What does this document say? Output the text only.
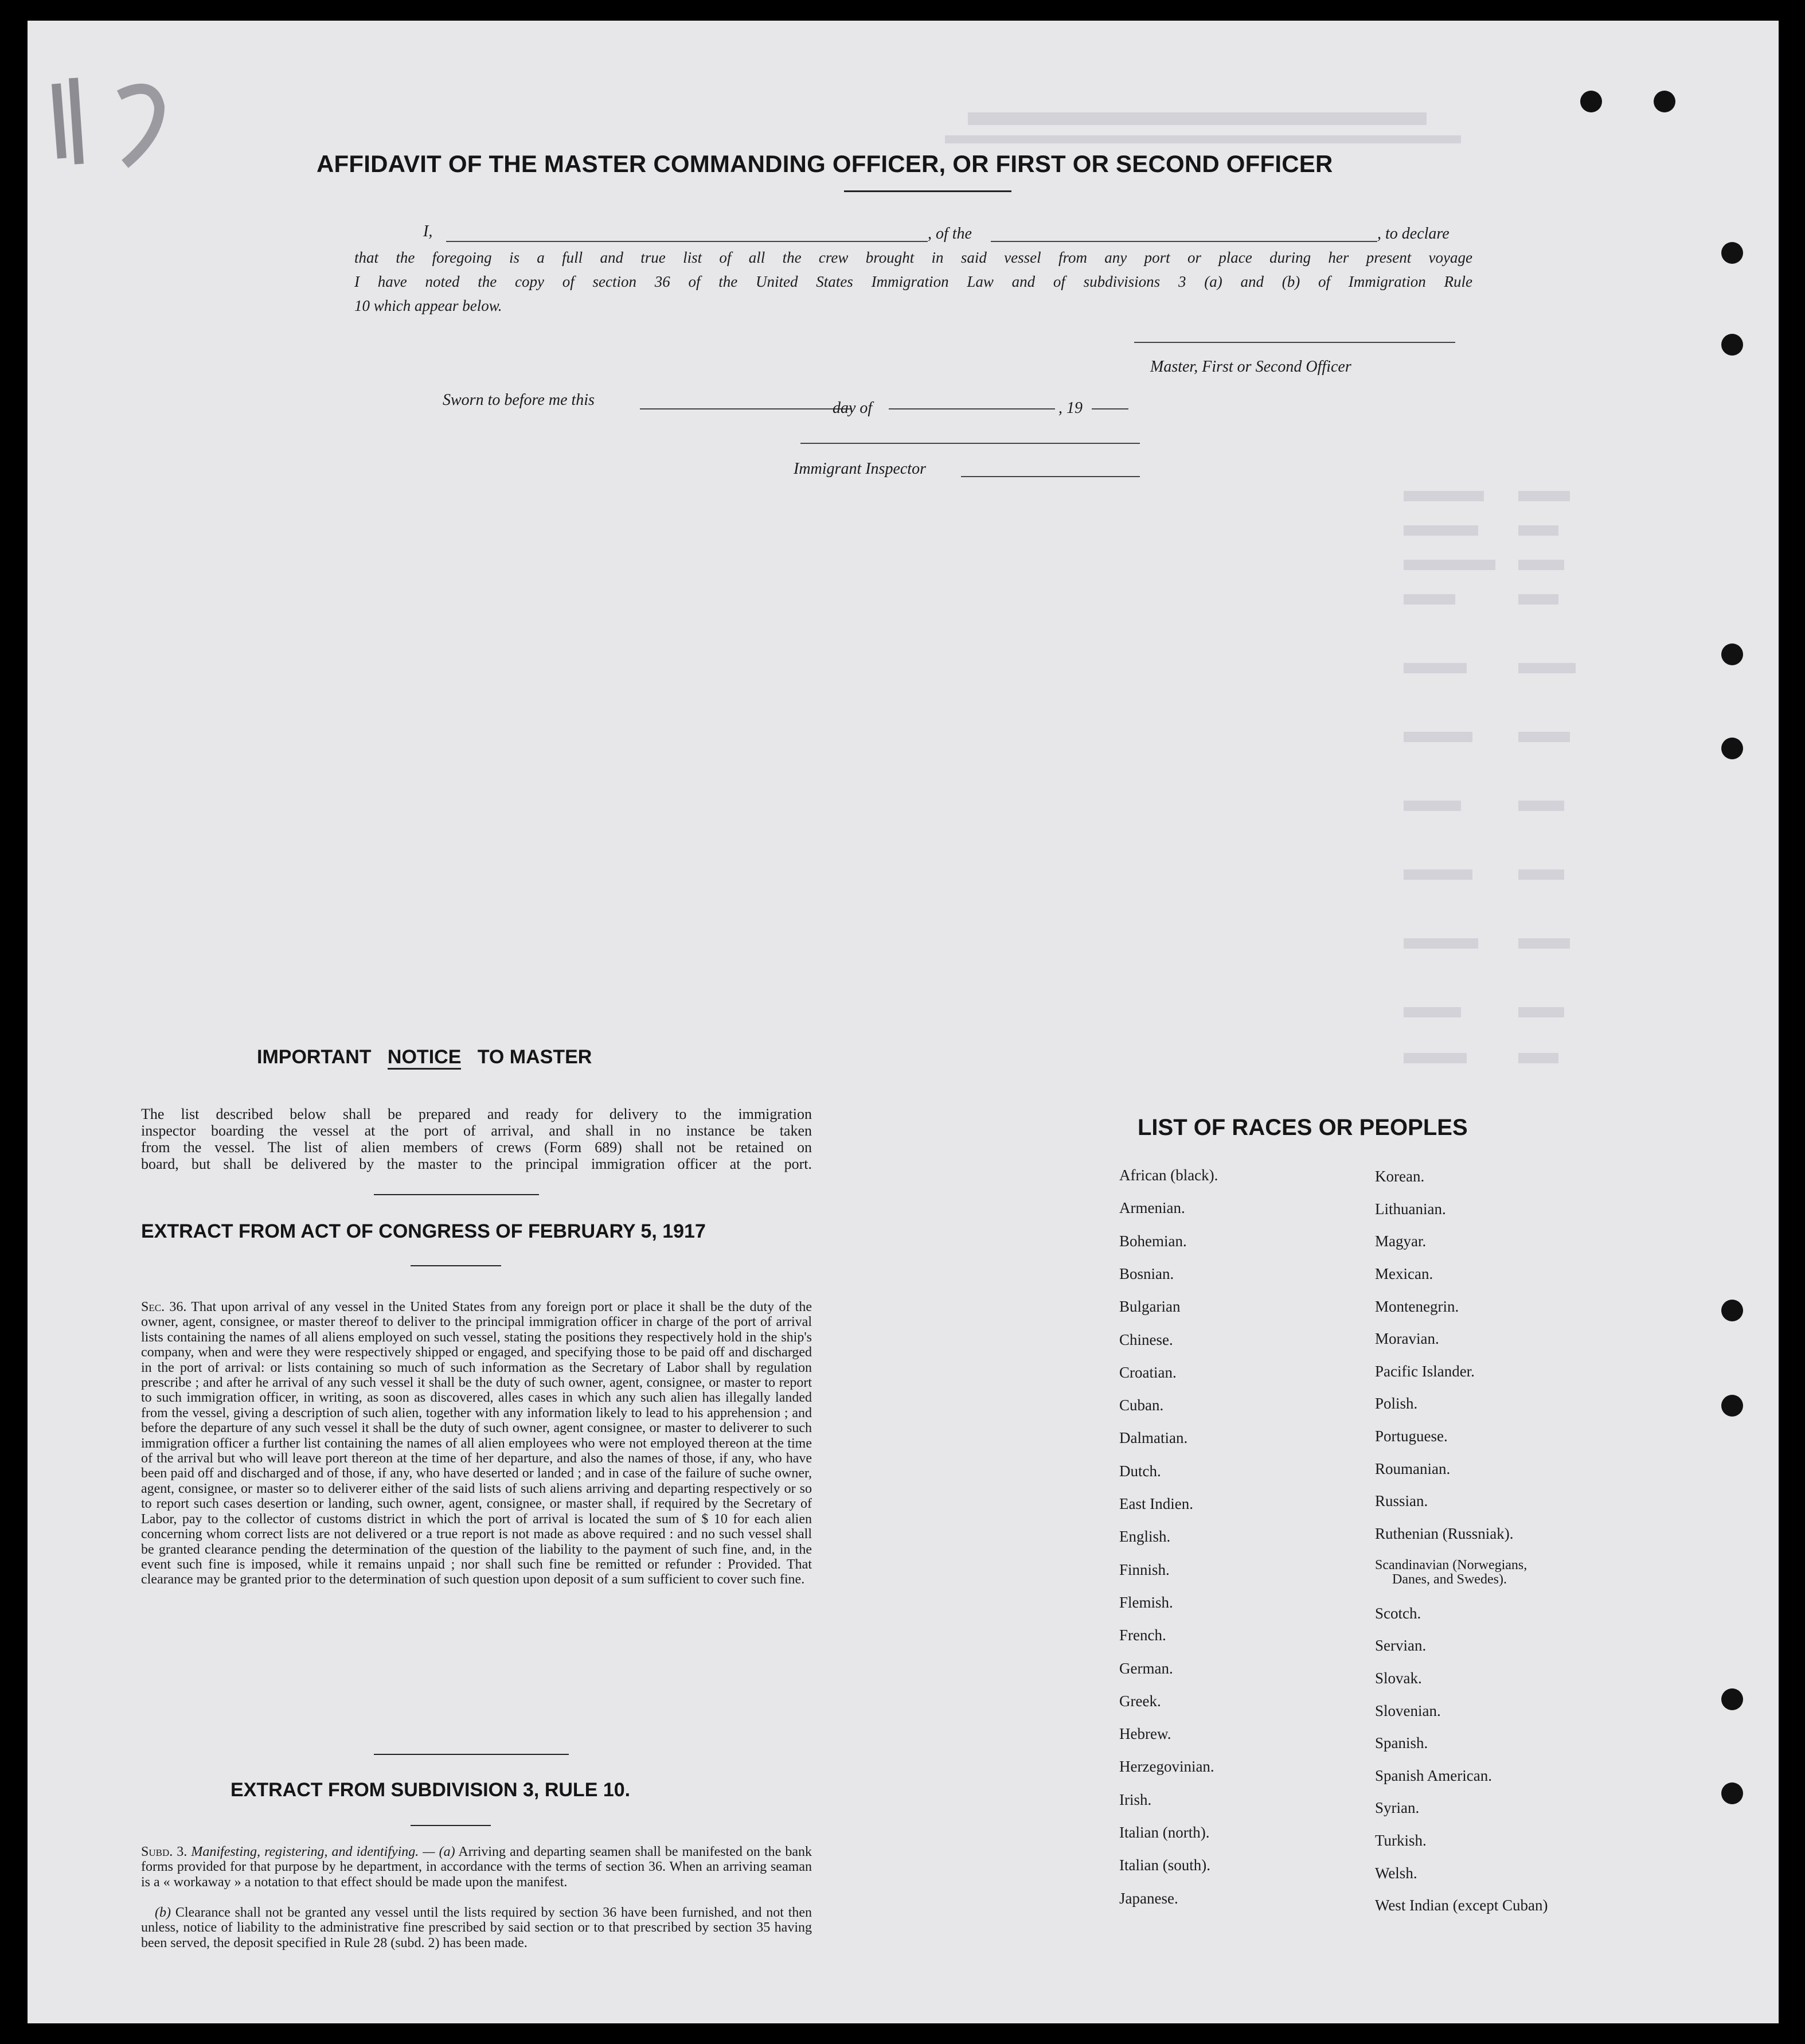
AFFIDAVIT OF THE MASTER COMMANDING OFFICER, OR FIRST OR SECOND OFFICER
I,	, of the	, to declare
that the foregoing is a full and true list of all the crew brought in said vessel from any port or place during her present voyage
I have noted the copy of section 36 of the United States Immigration Law and of subdivisions 3 (a) and (b) of Immigration Rule
10 which appear below.
Master, First or Second Officer
Sworn to before me this	day of	, 19
Immigrant Inspector
IMPORTANT NOTICE TO MASTER
The list described below shall be prepared and ready for delivery to the immigration
inspector boarding the vessel at the port of arrival, and shall in no instance be taken
from the vessel. The list of alien members of crews (Form 689) shall not be retained on
board, but shall be delivered by the master to the principal immigration officer at the port.
EXTRACT FROM ACT OF CONGRESS OF FEBRUARY 5, 1917
Sec. 36. That upon arrival of any vessel in the United States from any foreign port or place it shall be the duty of the owner, agent, consignee, or master thereof to deliver to the principal immigration officer in charge of the port of arrival lists containing the names of all aliens employed on such vessel, stating the positions they respectively hold in the ship's company, when and were they were respectively shipped or engaged, and specifying those to be paid off and discharged in the port of arrival: or lists containing so much of such information as the Secretary of Labor shall by regulation prescribe ; and after he arrival of any such vessel it shall be the duty of such owner, agent, consignee, or master to report to such immigration officer, in writing, as soon as discovered, alles cases in which any such alien has illegally landed from the vessel, giving a description of such alien, together with any information likely to lead to his apprehension ; and before the departure of any such vessel it shall be the duty of such owner, agent consignee, or master to deliverer to such immigration officer a further list containing the names of all alien employees who were not employed thereon at the time of the arrival but who will leave port thereon at the time of her departure, and also the names of those, if any, who have been paid off and discharged and of those, if any, who have deserted or landed ; and in case of the failure of suche owner, agent, consignee, or master so to deliverer either of the said lists of such aliens arriving and departing respectively or so to report such cases desertion or landing, such owner, agent, consignee, or master shall, if required by the Secretary of Labor, pay to the collector of customs district in which the port of arrival is located the sum of $ 10 for each alien concerning whom correct lists are not delivered or a true report is not made as above required : and no such vessel shall be granted clearance pending the determination of the question of the liability to the payment of such fine, and, in the event such fine is imposed, while it remains unpaid ; nor shall such fine be remitted or refunder : Provided. That clearance may be granted prior to the determination of such question upon deposit of a sum sufficient to cover such fine.
EXTRACT FROM SUBDIVISION 3, RULE 10.
Subd. 3. Manifesting, registering, and identifying. — (a) Arriving and departing seamen shall be manifested on the bank forms provided for that purpose by he department, in accordance with the terms of section 36. When an arriving seaman is a « workaway » a notation to that effect should be made upon the manifest.
(b) Clearance shall not be granted any vessel until the lists required by section 36 have been furnished, and not then unless, notice of liability to the administrative fine prescribed by said section or to that prescribed by section 35 having been served, the deposit specified in Rule 28 (subd. 2) has been made.
LIST OF RACES OR PEOPLES
African (black).
Armenian.
Bohemian.
Bosnian.
Bulgarian
Chinese.
Croatian.
Cuban.
Dalmatian.
Dutch.
East Indien.
English.
Finnish.
Flemish.
French.
German.
Greek.
Hebrew.
Herzegovinian.
Irish.
Italian (north).
Italian (south).
Japanese.
Korean.
Lithuanian.
Magyar.
Mexican.
Montenegrin.
Moravian.
Pacific Islander.
Polish.
Portuguese.
Roumanian.
Russian.
Ruthenian (Russniak).
Scandinavian (Norwegians,
Danes, and Swedes).
Scotch.
Servian.
Slovak.
Slovenian.
Spanish.
Spanish American.
Syrian.
Turkish.
Welsh.
West Indian (except Cuban)
